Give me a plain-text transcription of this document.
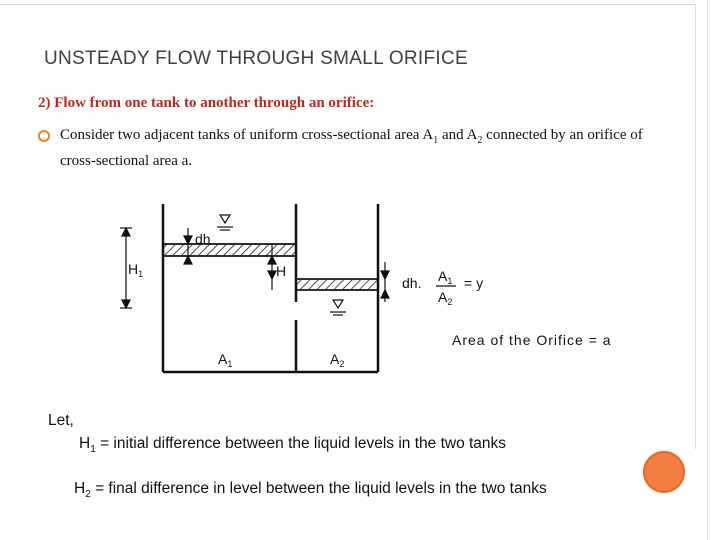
UNSTEADY FLOW THROUGH SMALL ORIFICE
2) Flow from one tank to another through an orifice:
Consider two adjacent tanks of uniform cross-sectional area $A_1$ and $A_2$ connected by an orifice of cross-sectional area a.
dh
$H_1$	H
dh. $A_1$
$A_2$
= y
Area of the Orifice = a
$A_1$	$A_2$
Let,
$H_1$ = initial difference between the liquid levels in the two tanks
$H_2$ = final difference in level between the liquid levels in the two tanks
